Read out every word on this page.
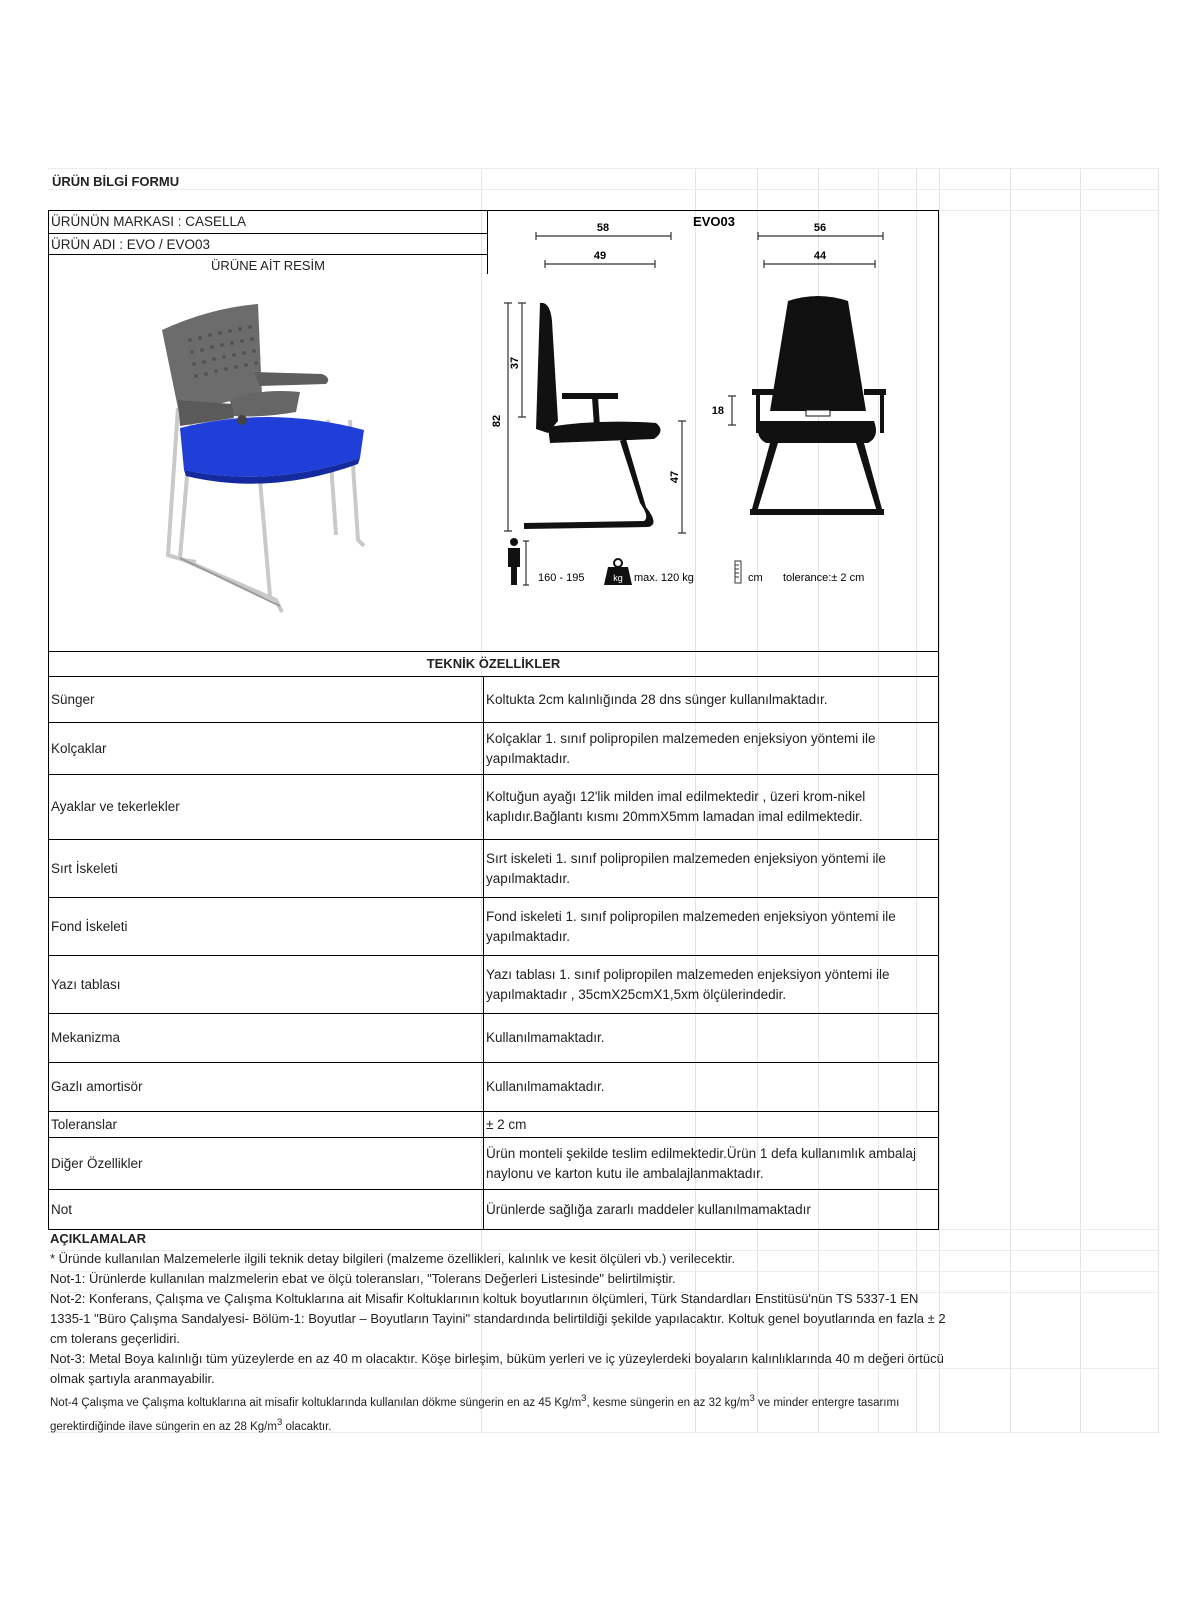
ÜRÜN BİLGİ FORMU
ÜRÜNÜN MARKASI : CASELLA
ÜRÜN ADI : EVO / EVO03
ÜRÜNE AİT RESİM
EVO03
58
49
56
44
82
37
47
18
160 - 195	kg max. 120 kg	cm tolerance:± 2 cm
TEKNİK ÖZELLİKLER	
Sünger	Koltukta 2cm kalınlığında 28 dns sünger kullanılmaktadır.
Kolçaklar	Kolçaklar 1. sınıf polipropilen malzemeden enjeksiyon yöntemi ile yapılmaktadır.
Ayaklar ve tekerlekler	Koltuğun ayağı 12'lik milden imal edilmektedir , üzeri krom-nikel kaplıdır.Bağlantı kısmı 20mmX5mm lamadan imal edilmektedir.
Sırt İskeleti	Sırt iskeleti 1. sınıf polipropilen malzemeden enjeksiyon yöntemi ile yapılmaktadır.
Fond İskeleti	Fond iskeleti 1. sınıf polipropilen malzemeden enjeksiyon yöntemi ile yapılmaktadır.
Yazı tablası	Yazı tablası 1. sınıf polipropilen malzemeden enjeksiyon yöntemi ile yapılmaktadır , 35cmX25cmX1,5xm ölçülerindedir.
Mekanizma	Kullanılmamaktadır.
Gazlı amortisör	Kullanılmamaktadır.
Toleranslar	± 2 cm
Diğer Özellikler	Ürün monteli şekilde teslim edilmektedir.Ürün 1 defa kullanımlık ambalaj naylonu ve karton kutu ile ambalajlanmaktadır.
Not	Ürünlerde sağlığa zararlı maddeler kullanılmamaktadır

AÇIKLAMALAR

* Üründe kullanılan Malzemelerle ilgili teknik detay bilgileri (malzeme özellikleri, kalınlık ve kesit ölçüleri vb.) verilecektir.

Not-1: Ürünlerde kullanılan malzmelerin ebat ve ölçü toleransları, "Tolerans Değerleri Listesinde" belirtilmiştir.

Not-2: Konferans, Çalışma ve Çalışma Koltuklarına ait Misafir Koltuklarının koltuk boyutlarının ölçümleri, Türk Standardları Enstitüsü'nün TS 5337-1 EN 1335-1 "Büro Çalışma Sandalyesi- Bölüm-1: Boyutlar – Boyutların Tayini" standardında belirtildiği şekilde yapılacaktır. Koltuk genel boyutlarında en fazla ± 2 cm tolerans geçerlidiri.

Not-3: Metal Boya kalınlığı tüm yüzeylerde en az 40 m olacaktır. Köşe birleşim, büküm yerleri ve iç yüzeylerdeki boyaların kalınlıklarında 40 m değeri örtücü olmak şartıyla aranmayabilir.

Not-4 Çalışma ve Çalışma koltuklarına ait misafir koltuklarında kullanılan dökme süngerin en az 45 $Kg/m^3$, kesme süngerin en az 32 $kg/m^3$ ve minder entergre tasarımı gerektirdiğinde ilave süngerin en az 28 $Kg/m^3$ olacaktır.
